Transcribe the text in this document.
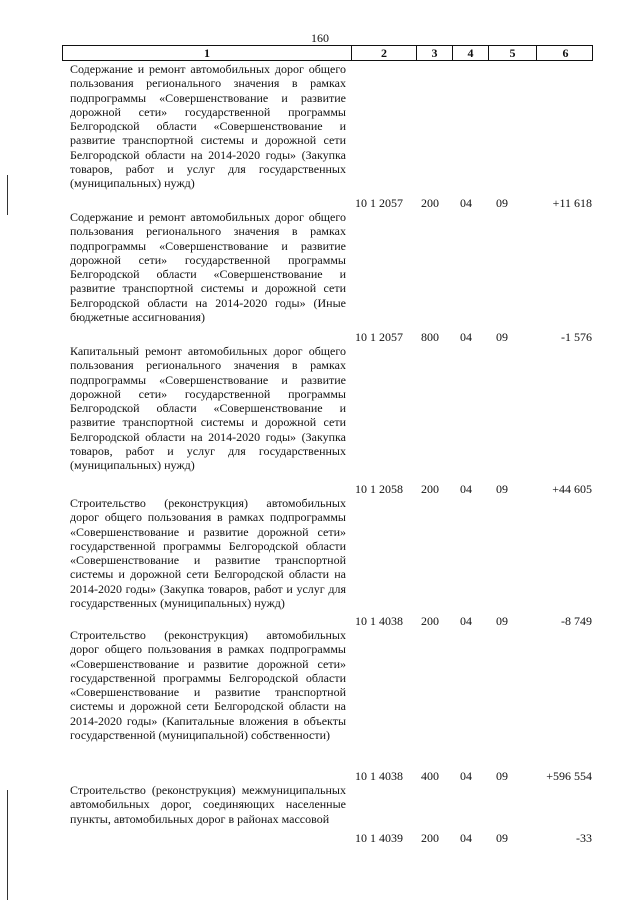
160
1	2	3	4	5	6
Содержание и ремонт автомобильных дорог общего пользования регионального значения в рамках подпрограммы «Совершенствование и развитие дорожной сети» государственной программы Белгородской области «Совершенствование и развитие транспортной системы и дорожной сети Белгородской области на 2014-2020 годы» (Закупка товаров, работ и услуг для государственных (муниципальных) нужд)
10 1 2057	200	04	09	+11 618
Содержание и ремонт автомобильных дорог общего пользования регионального значения в рамках подпрограммы «Совершенствование и развитие дорожной сети» государственной программы Белгородской области «Совершенствование и развитие транспортной системы и дорожной сети Белгородской области на 2014-2020 годы» (Иные бюджетные ассигнования)
10 1 2057	800	04	09	-1 576
Капитальный ремонт автомобильных дорог общего пользования регионального значения в рамках подпрограммы «Совершенствование и развитие дорожной сети» государственной программы Белгородской области «Совершенствование и развитие транспортной системы и дорожной сети Белгородской области на 2014-2020 годы» (Закупка товаров, работ и услуг для государственных (муниципальных) нужд)
10 1 2058	200	04	09	+44 605
Строительство (реконструкция) автомобильных дорог общего пользования в рамках подпрограммы «Совершенствование и развитие дорожной сети» государственной программы Белгородской области «Совершенствование и развитие транспортной системы и дорожной сети Белгородской области на 2014-2020 годы» (Закупка товаров, работ и услуг для государственных (муниципальных) нужд)
10 1 4038	200	04	09	-8 749
Строительство (реконструкция) автомобильных дорог общего пользования в рамках подпрограммы «Совершенствование и развитие дорожной сети» государственной программы Белгородской области «Совершенствование и развитие транспортной системы и дорожной сети Белгородской области на 2014-2020 годы» (Капитальные вложения в объекты государственной (муниципальной) собственности)
10 1 4038	400	04	09	+596 554
Строительство (реконструкция) межмуниципальных автомобильных дорог, соединяющих населенные пункты, автомобильных дорог в районах массовой
10 1 4039	200	04	09	-33
